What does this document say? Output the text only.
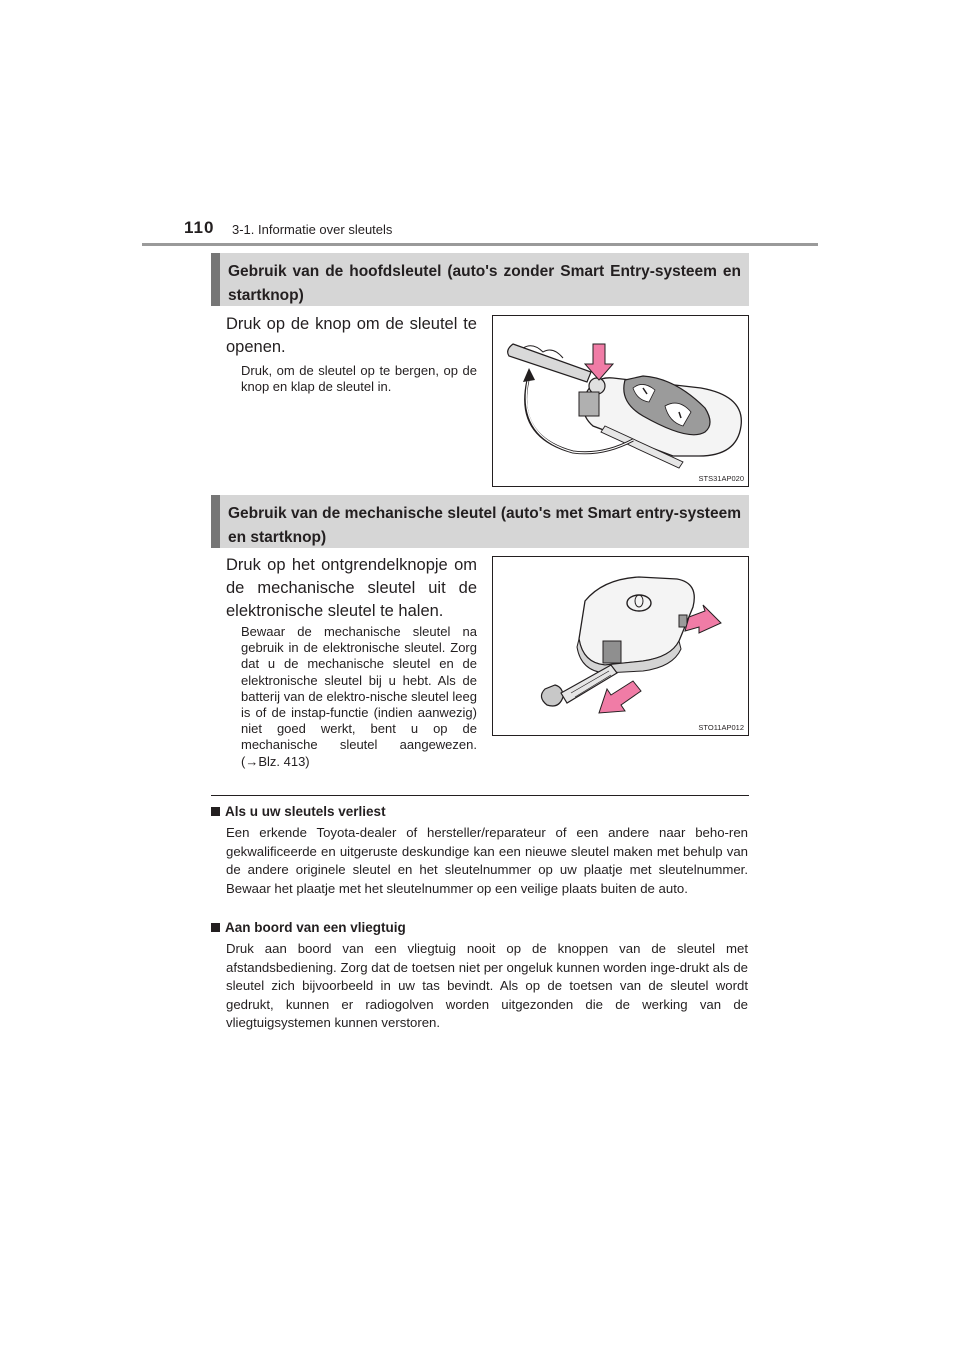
110 3-1. Informatie over sleutels
Gebruik van de hoofdsleutel (auto's zonder Smart Entry-systeem en startknop)
Druk op de knop om de sleutel te openen.
Druk, om de sleutel op te bergen, op de knop en klap de sleutel in.
STS31AP020
Gebruik van de mechanische sleutel (auto's met Smart entry-systeem en startknop)
Druk op het ontgrendelknopje om de mechanische sleutel uit de elektronische sleutel te halen.
Bewaar de mechanische sleutel na gebruik in de elektronische sleutel. Zorg dat u de mechanische sleutel en de elektronische sleutel bij u hebt. Als de batterij van de elektro-nische sleutel leeg is of de instap-functie (indien aanwezig) niet goed werkt, bent u op de mechanische sleutel aangewezen. (→Blz. 413)
STO11AP012
Als u uw sleutels verliest
Een erkende Toyota-dealer of hersteller/reparateur of een andere naar beho-ren gekwalificeerde en uitgeruste deskundige kan een nieuwe sleutel maken met behulp van de andere originele sleutel en het sleutelnummer op uw plaatje met sleutelnummer. Bewaar het plaatje met het sleutelnummer op een veilige plaats buiten de auto.
Aan boord van een vliegtuig
Druk aan boord van een vliegtuig nooit op de knoppen van de sleutel met afstandsbediening. Zorg dat de toetsen niet per ongeluk kunnen worden inge-drukt als de sleutel zich bijvoorbeeld in uw tas bevindt. Als op de toetsen van de sleutel wordt gedrukt, kunnen er radiogolven worden uitgezonden die de werking van de vliegtuigsystemen kunnen verstoren.
